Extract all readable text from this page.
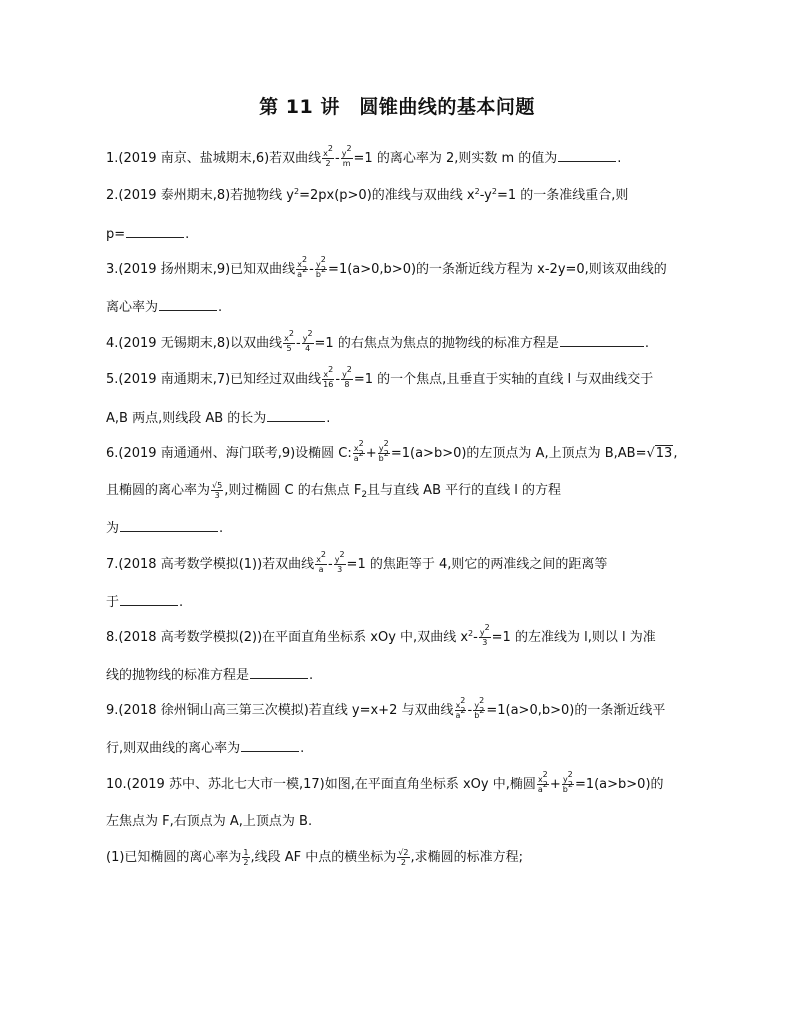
第 11 讲　圆锥曲线的基本问题
1.(2019 南京、盐城期末,6)若双曲线 $\frac{x^2}{2} - \frac{y^2}{m} =1$ 的离心率为 2,则实数 m 的值为	.
2.(2019 泰州期末,8)若抛物线 $y^2=2px(p>0)$的准线与双曲线 $x^2-y^2=1$ 的一条准线重合,则
p=	.
3.(2019 扬州期末,9)已知双曲线 $\frac{x^2}{a^2} - \frac{y^2}{b^2} =1(a>0,b>0)$的一条渐近线方程为 x-2y=0,则该双曲线的
离心率为	.
4.(2019 无锡期末,8)以双曲线 $\frac{x^2}{5} - \frac{y^2}{4} =1$ 的右焦点为焦点的抛物线的标准方程是	.
5.(2019 南通期末,7)已知经过双曲线 $\frac{x^2}{16} - \frac{y^2}{8} =1$ 的一个焦点,且垂直于实轴的直线 l 与双曲线交于
A,B 两点,则线段 AB 的长为	.
6.(2019 南通通州、海门联考,9)设椭圆 C: $\frac{x^2}{a^2} + \frac{y^2}{b^2} =1(a>b>0)$的左顶点为 A,上顶点为 B,AB=√13,
且椭圆的离心率为 $\frac{√5}{3}$ ,则过椭圆 C 的右焦点 $F_2$且与直线 AB 平行的直线 l 的方程
为	.
7.(2018 高考数学模拟(1))若双曲线 $\frac{x^2}{a} - \frac{y^2}{3} =1$ 的焦距等于 4,则它的两准线之间的距离等
于	.
8.(2018 高考数学模拟(2))在平面直角坐标系 xOy 中,双曲线 $x^2- \frac{y^2}{3} =1$ 的左准线为 l,则以 l 为准
线的抛物线的标准方程是	.
9.(2018 徐州铜山高三第三次模拟)若直线 y=x+2 与双曲线 $\frac{x^2}{a^2} - \frac{y^2}{b^2} =1(a>0,b>0)$的一条渐近线平
行,则双曲线的离心率为	.
10.(2019 苏中、苏北七大市一模,17)如图,在平面直角坐标系 xOy 中,椭圆 $\frac{x^2}{a^2} + \frac{y^2}{b^2} =1(a>b>0)$的
左焦点为 F,右顶点为 A,上顶点为 B.
(1)已知椭圆的离心率为 $\frac{1}{2}$ ,线段 AF 中点的横坐标为 $\frac{√2}{2}$ ,求椭圆的标准方程;
